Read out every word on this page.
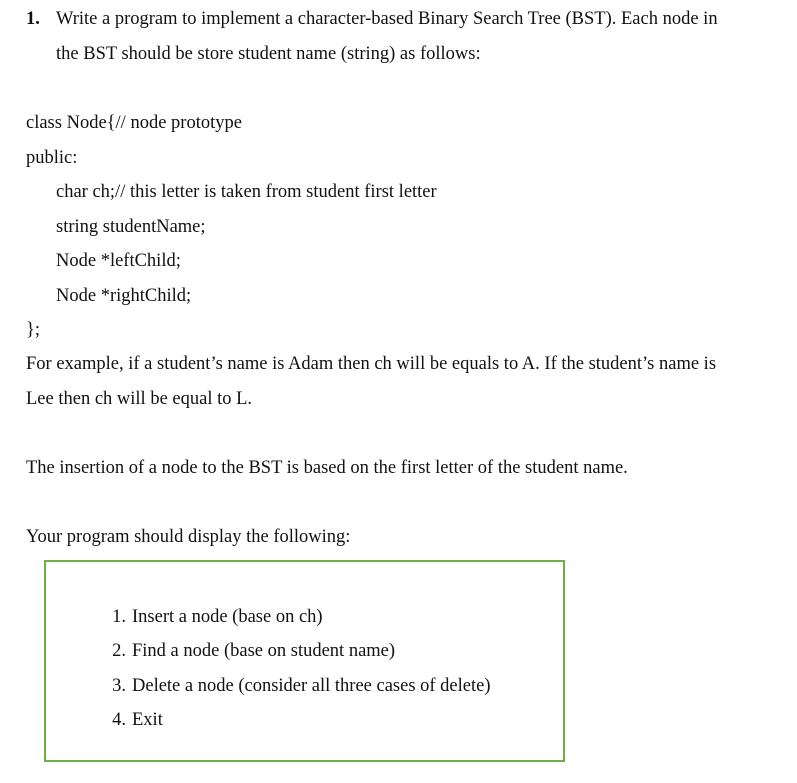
1. Write a program to implement a character-based Binary Search Tree (BST). Each node in
the BST should be store student name (string) as follows:
class Node{// node prototype
public:
char ch;// this letter is taken from student first letter
string studentName;
Node *leftChild;
Node *rightChild;
};
For example, if a student’s name is Adam then ch will be equals to A. If the student’s name is
Lee then ch will be equal to L.
The insertion of a node to the BST is based on the first letter of the student name.
Your program should display the following:
1. Insert a node (base on ch)
2. Find a node (base on student name)
3. Delete a node (consider all three cases of delete)
4. Exit
